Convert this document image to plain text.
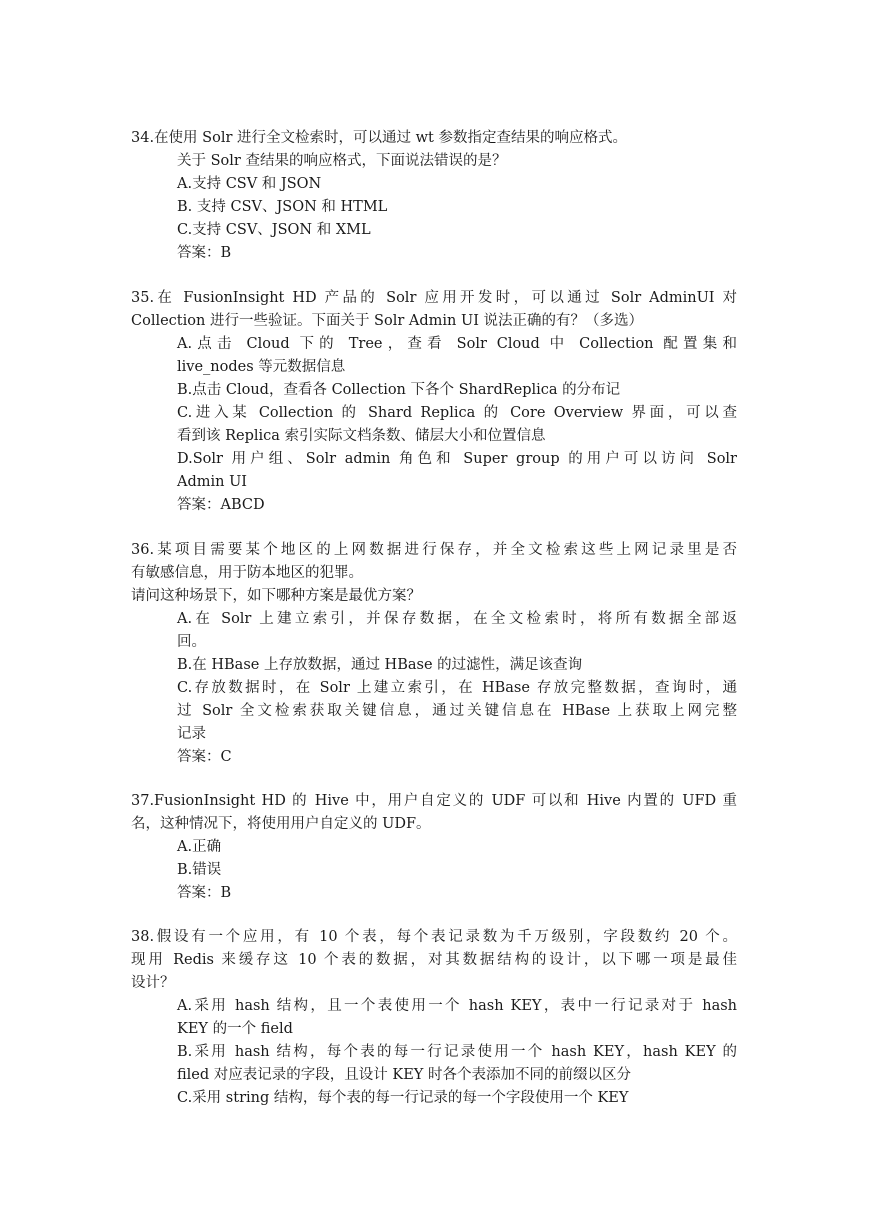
34.在使用 Solr 进行全文检索时，可以通过 wt 参数指定查结果的响应格式。
关于 Solr 查结果的响应格式，下面说法错误的是？
A.支持 CSV 和 JSON
B. 支持 CSV、JSON 和 HTML
C.支持 CSV、JSON 和 XML
答案：B
35.在 FusionInsight HD 产品的 Solr 应用开发时，可以通过 Solr AdminUI 对
Collection 进行一些验证。下面关于 Solr Admin UI 说法正确的有？（多选）
A.点击 Cloud 下的 Tree，查看 Solr Cloud 中 Collection 配置集和
live_nodes 等元数据信息
B.点击 Cloud，查看各 Collection 下各个 ShardReplica 的分布记
C.进入某 Collection 的 Shard Replica 的 Core Overview 界面，可以查
看到该 Replica 索引实际文档条数、储层大小和位置信息
D.Solr 用户组、Solr admin 角色和 Super group 的用户可以访问 Solr
Admin UI
答案：ABCD
36.某项目需要某个地区的上网数据进行保存，并全文检索这些上网记录里是否
有敏感信息，用于防本地区的犯罪。
请问这种场景下，如下哪种方案是最优方案？
A.在 Solr 上建立索引，并保存数据，在全文检索时，将所有数据全部返
回。
B.在 HBase 上存放数据，通过 HBase 的过滤性，满足该查询
C.存放数据时，在 Solr 上建立索引，在 HBase 存放完整数据，查询时，通
过 Solr 全文检索获取关键信息，通过关键信息在 HBase 上获取上网完整
记录
答案：C
37.FusionInsight HD 的 Hive 中，用户自定义的 UDF 可以和 Hive 内置的 UFD 重
名，这种情况下，将使用用户自定义的 UDF。
A.正确
B.错误
答案：B
38.假设有一个应用，有 10 个表，每个表记录数为千万级别，字段数约 20 个。
现用 Redis 来缓存这 10 个表的数据，对其数据结构的设计，以下哪一项是最佳
设计？
A.采用 hash 结构，且一个表使用一个 hash KEY，表中一行记录对于 hash
KEY 的一个 field
B.采用 hash 结构，每个表的每一行记录使用一个 hash KEY，hash KEY 的
filed 对应表记录的字段，且设计 KEY 时各个表添加不同的前缀以区分
C.采用 string 结构，每个表的每一行记录的每一个字段使用一个 KEY
